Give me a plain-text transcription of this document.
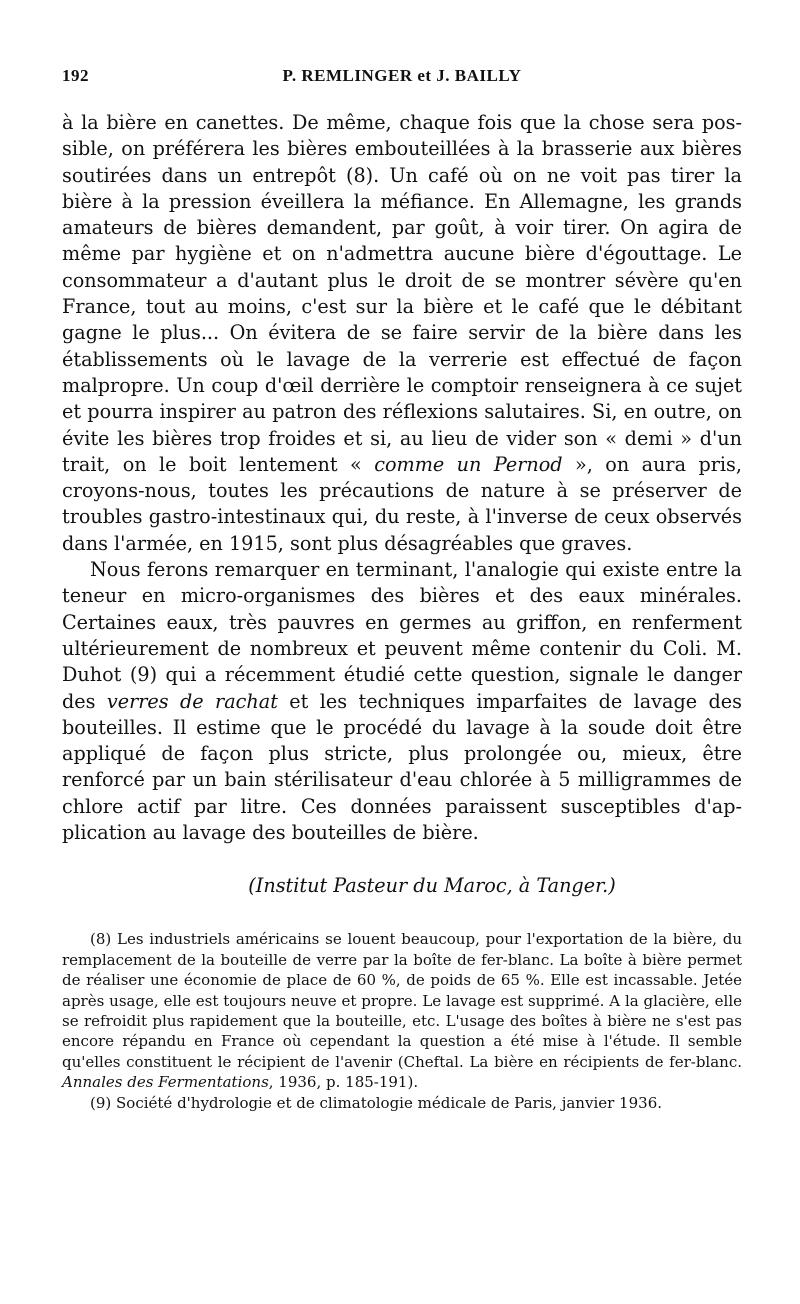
192	P. REMLINGER et J. BAILLY

à la bière en canettes. De même, chaque fois que la chose sera possible, on préférera les bières embouteillées à la brasserie aux bières soutirées dans un entrepôt (8). Un café où on ne voit pas tirer la bière à la pression éveillera la méfiance. En Allemagne, les grands amateurs de bières demandent, par goût, à voir tirer. On agira de même par hygiène et on n'admettra aucune bière d'égouttage. Le consommateur a d'autant plus le droit de se montrer sévère qu'en France, tout au moins, c'est sur la bière et le café que le débitant gagne le plus... On évitera de se faire servir de la bière dans les établissements où le lavage de la verrerie est effectué de façon malpropre. Un coup d'œil derrière le comptoir renseignera à ce sujet et pourra inspirer au patron des réflexions salutaires. Si, en outre, on évite les bières trop froides et si, au lieu de vider son « demi » d'un trait, on le boit lentement « comme un Pernod », on aura pris, croyons-nous, toutes les précautions de nature à se préserver de troubles gastro-intestinaux qui, du reste, à l'inverse de ceux observés dans l'armée, en 1915, sont plus désagréables que graves.

Nous ferons remarquer en terminant, l'analogie qui existe entre la teneur en micro-organismes des bières et des eaux minérales. Certaines eaux, très pauvres en germes au griffon, en renferment ultérieurement de nombreux et peuvent même contenir du Coli. M. Duhot (9) qui a récemment étudié cette question, signale le danger des verres de rachat et les techniques imparfaites de lavage des bouteilles. Il estime que le procédé du lavage à la soude doit être appliqué de façon plus stricte, plus prolongée ou, mieux, être renforcé par un bain stérilisateur d'eau chlorée à 5 milligrammes de chlore actif par litre. Ces données paraissent susceptibles d'application au lavage des bouteilles de bière.

(Institut Pasteur du Maroc, à Tanger.)

(8) Les industriels américains se louent beaucoup, pour l'exportation de la bière, du remplacement de la bouteille de verre par la boîte de fer-blanc. La boîte à bière permet de réaliser une économie de place de 60 %, de poids de 65 %. Elle est incassable. Jetée après usage, elle est toujours neuve et propre. Le lavage est supprimé. A la glacière, elle se refroidit plus rapidement que la bouteille, etc. L'usage des boîtes à bière ne s'est pas encore répandu en France où cependant la question a été mise à l'étude. Il semble qu'elles constituent le récipient de l'avenir (Cheftal. La bière en récipients de fer-blanc. Annales des Fermentations, 1936, p. 185-191).

(9) Société d'hydrologie et de climatologie médicale de Paris, janvier 1936.
